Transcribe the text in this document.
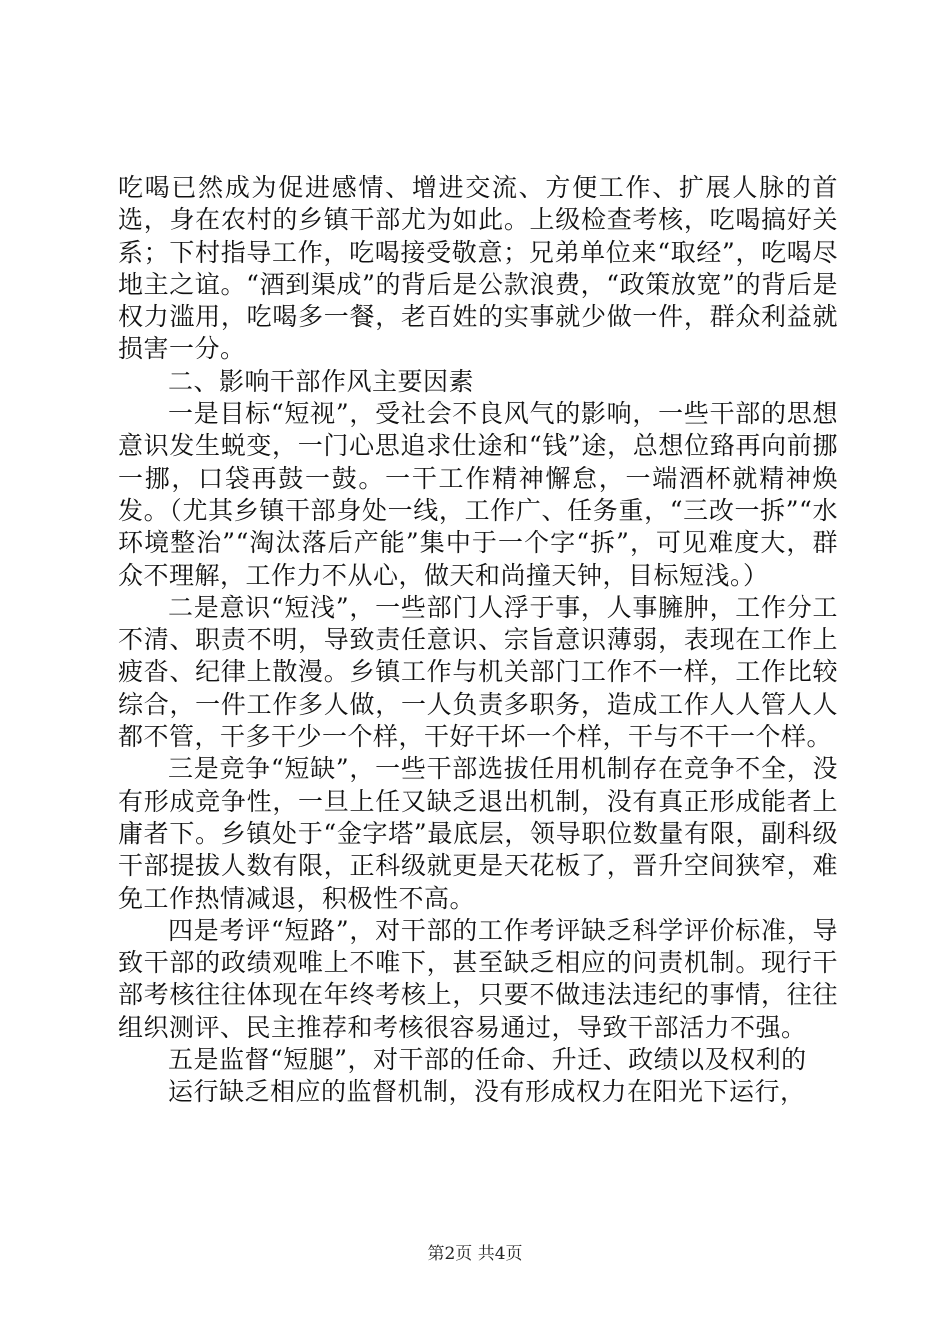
吃喝已然成为促进感情、增进交流、方便工作、扩展人脉的首选，身在农村的乡镇干部尤为如此。上级检查考核，吃喝搞好关系；下村指导工作，吃喝接受敬意；兄弟单位来“取经”，吃喝尽地主之谊。“酒到渠成”的背后是公款浪费，“政策放宽”的背后是权力滥用，吃喝多一餐，老百姓的实事就少做一件，群众利益就损害一分。

二、影响干部作风主要因素

一是目标“短视”，受社会不良风气的影响，一些干部的思想意识发生蜕变，一门心思追求仕途和“钱”途，总想位臵再向前挪一挪，口袋再鼓一鼓。一干工作精神懈怠，一端酒杯就精神焕发。（尤其乡镇干部身处一线，工作广、任务重，“三改一拆”“水环境整治”“淘汰落后产能”集中于一个字“拆”，可见难度大，群众不理解，工作力不从心，做天和尚撞天钟，目标短浅。）

二是意识“短浅”，一些部门人浮于事，人事臃肿，工作分工不清、职责不明，导致责任意识、宗旨意识薄弱，表现在工作上疲沓、纪律上散漫。乡镇工作与机关部门工作不一样，工作比较综合，一件工作多人做，一人负责多职务，造成工作人人管人人都不管，干多干少一个样，干好干坏一个样，干与不干一个样。

三是竞争“短缺”，一些干部选拔任用机制存在竞争不全，没有形成竞争性，一旦上任又缺乏退出机制，没有真正形成能者上庸者下。乡镇处于“金字塔”最底层，领导职位数量有限，副科级干部提拔人数有限，正科级就更是天花板了，晋升空间狭窄，难免工作热情减退，积极性不高。

四是考评“短路”，对干部的工作考评缺乏科学评价标准，导致干部的政绩观唯上不唯下，甚至缺乏相应的问责机制。现行干部考核往往体现在年终考核上，只要不做违法违纪的事情，往往组织测评、民主推荐和考核很容易通过，导致干部活力不强。

五是监督“短腿”，对干部的任命、升迁、政绩以及权利的

运行缺乏相应的监督机制，没有形成权力在阳光下运行，

第2页 共4页
